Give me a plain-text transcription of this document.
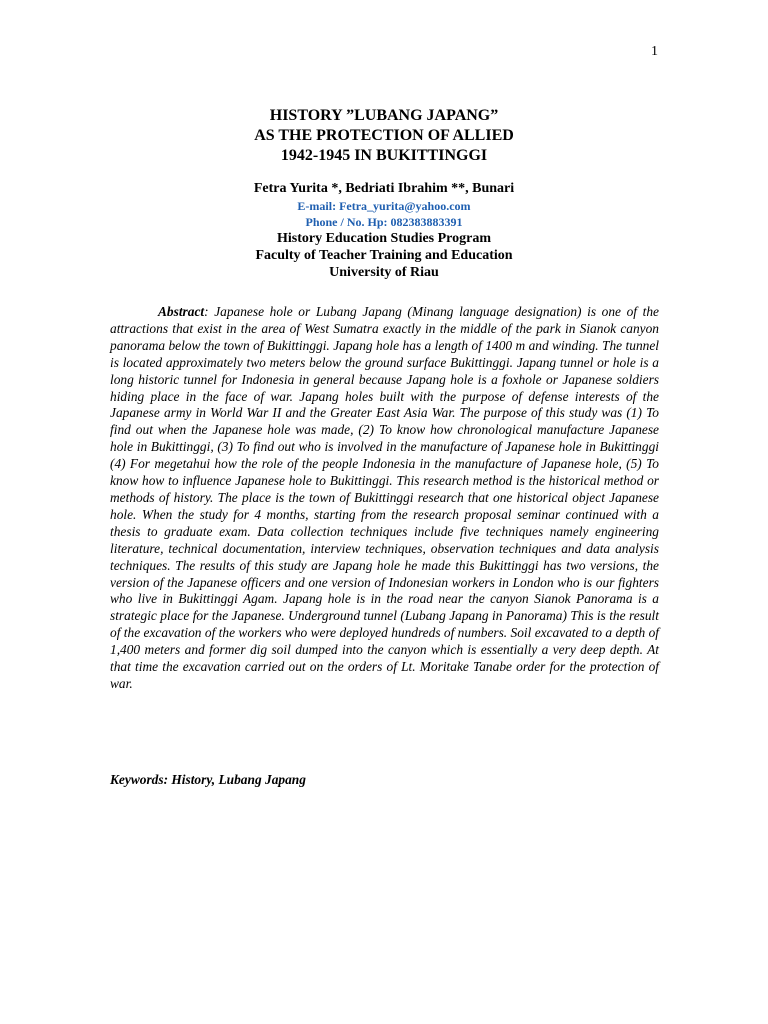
1
HISTORY ”LUBANG JAPANG”
AS THE PROTECTION OF ALLIED
1942-1945 IN BUKITTINGGI
Fetra Yurita *, Bedriati Ibrahim **, Bunari
E-mail: Fetra_yurita@yahoo.com
Phone / No. Hp: 082383883391
History Education Studies Program
Faculty of Teacher Training and Education
University of Riau

Abstract: Japanese hole or Lubang Japang (Minang language designation) is one of the attractions that exist in the area of West Sumatra exactly in the middle of the park in Sianok canyon panorama below the town of Bukittinggi. Japang hole has a length of 1400 m and winding. The tunnel is located approximately two meters below the ground surface Bukittinggi. Japang tunnel or hole is a long historic tunnel for Indonesia in general because Japang hole is a foxhole or Japanese soldiers hiding place in the face of war. Japang holes built with the purpose of defense interests of the Japanese army in World War II and the Greater East Asia War. The purpose of this study was (1) To find out when the Japanese hole was made, (2) To know how chronological manufacture Japanese hole in Bukittinggi, (3) To find out who is involved in the manufacture of Japanese hole in Bukittinggi (4) For megetahui how the role of the people Indonesia in the manufacture of Japanese hole, (5) To know how to influence Japanese hole to Bukittinggi. This research method is the historical method or methods of history. The place is the town of Bukittinggi research that one historical object Japanese hole. When the study for 4 months, starting from the research proposal seminar continued with a thesis to graduate exam. Data collection techniques include five techniques namely engineering literature, technical documentation, interview techniques, observation techniques and data analysis techniques. The results of this study are Japang hole he made this Bukittinggi has two versions, the version of the Japanese officers and one version of Indonesian workers in London who is our fighters who live in Bukittinggi Agam. Japang hole is in the road near the canyon Sianok Panorama is a strategic place for the Japanese. Underground tunnel (Lubang Japang in Panorama) This is the result of the excavation of the workers who were deployed hundreds of numbers. Soil excavated to a depth of 1,400 meters and former dig soil dumped into the canyon which is essentially a very deep depth. At that time the excavation carried out on the orders of Lt. Moritake Tanabe order for the protection of war.

Keywords: History, Lubang Japang
